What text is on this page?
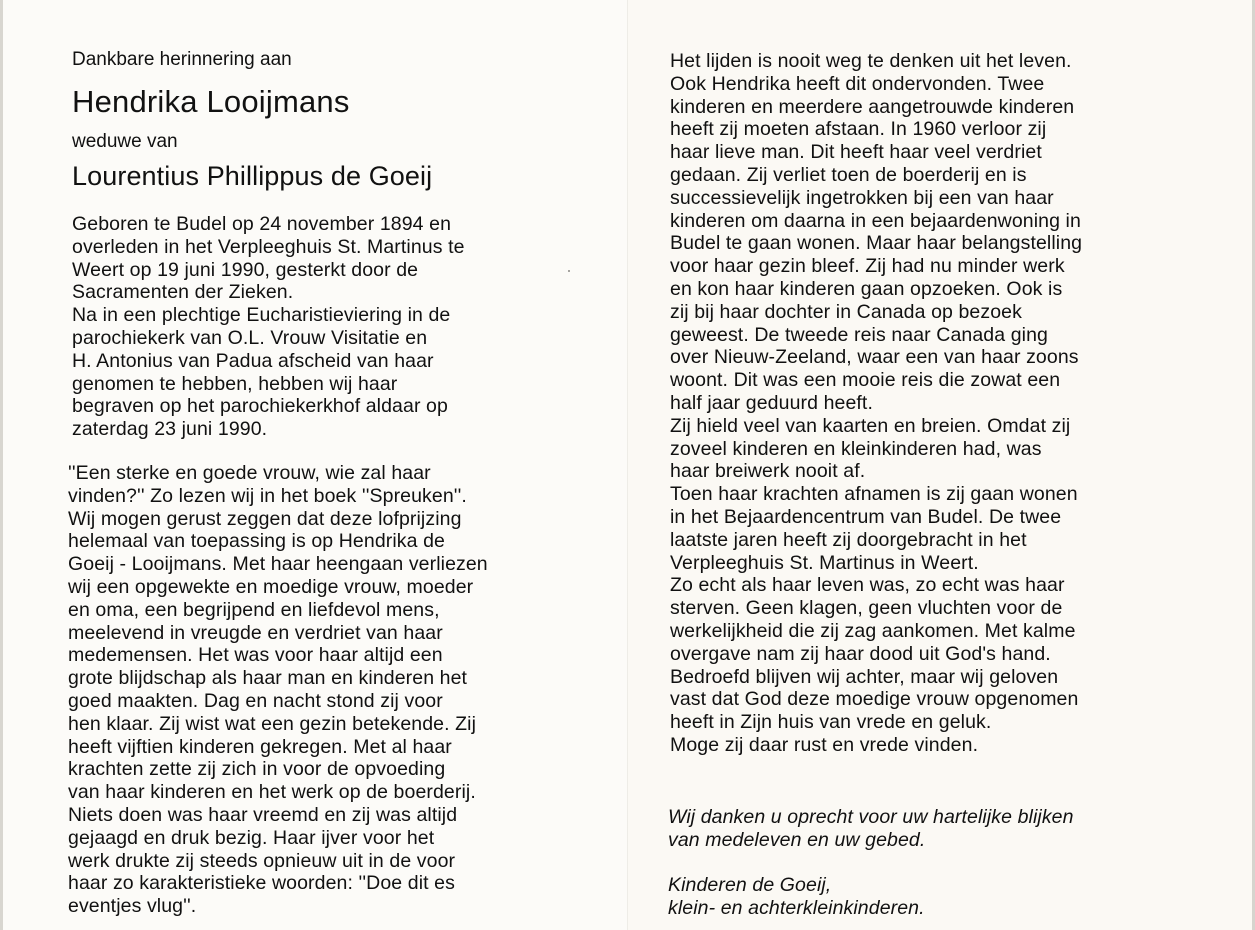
Dankbare herinnering aan
Hendrika Looijmans
weduwe van
Lourentius Phillippus de Goeij

Geboren te Budel op 24 november 1894 en
overleden in het Verpleeghuis St. Martinus te
Weert op 19 juni 1990, gesterkt door de
Sacramenten der Zieken.
Na in een plechtige Eucharistieviering in de
parochiekerk van O.L. Vrouw Visitatie en
H. Antonius van Padua afscheid van haar
genomen te hebben, hebben wij haar
begraven op het parochiekerkhof aldaar op
zaterdag 23 juni 1990.

''Een sterke en goede vrouw, wie zal haar
vinden?'' Zo lezen wij in het boek ''Spreuken''.
Wij mogen gerust zeggen dat deze lofprijzing
helemaal van toepassing is op Hendrika de
Goeij - Looijmans. Met haar heengaan verliezen
wij een opgewekte en moedige vrouw, moeder
en oma, een begrijpend en liefdevol mens,
meelevend in vreugde en verdriet van haar
medemensen. Het was voor haar altijd een
grote blijdschap als haar man en kinderen het
goed maakten. Dag en nacht stond zij voor
hen klaar. Zij wist wat een gezin betekende. Zij
heeft vijftien kinderen gekregen. Met al haar
krachten zette zij zich in voor de opvoeding
van haar kinderen en het werk op de boerderij.
Niets doen was haar vreemd en zij was altijd
gejaagd en druk bezig. Haar ijver voor het
werk drukte zij steeds opnieuw uit in de voor
haar zo karakteristieke woorden: ''Doe dit es
eventjes vlug''.

Het lijden is nooit weg te denken uit het leven.
Ook Hendrika heeft dit ondervonden. Twee
kinderen en meerdere aangetrouwde kinderen
heeft zij moeten afstaan. In 1960 verloor zij
haar lieve man. Dit heeft haar veel verdriet
gedaan. Zij verliet toen de boerderij en is
successievelijk ingetrokken bij een van haar
kinderen om daarna in een bejaardenwoning in
Budel te gaan wonen. Maar haar belangstelling
voor haar gezin bleef. Zij had nu minder werk
en kon haar kinderen gaan opzoeken. Ook is
zij bij haar dochter in Canada op bezoek
geweest. De tweede reis naar Canada ging
over Nieuw-Zeeland, waar een van haar zoons
woont. Dit was een mooie reis die zowat een
half jaar geduurd heeft.
Zij hield veel van kaarten en breien. Omdat zij
zoveel kinderen en kleinkinderen had, was
haar breiwerk nooit af.
Toen haar krachten afnamen is zij gaan wonen
in het Bejaardencentrum van Budel. De twee
laatste jaren heeft zij doorgebracht in het
Verpleeghuis St. Martinus in Weert.
Zo echt als haar leven was, zo echt was haar
sterven. Geen klagen, geen vluchten voor de
werkelijkheid die zij zag aankomen. Met kalme
overgave nam zij haar dood uit God's hand.
Bedroefd blijven wij achter, maar wij geloven
vast dat God deze moedige vrouw opgenomen
heeft in Zijn huis van vrede en geluk.
Moge zij daar rust en vrede vinden.

Wij danken u oprecht voor uw hartelijke blijken
van medeleven en uw gebed.

Kinderen de Goeij,
klein- en achterkleinkinderen.
